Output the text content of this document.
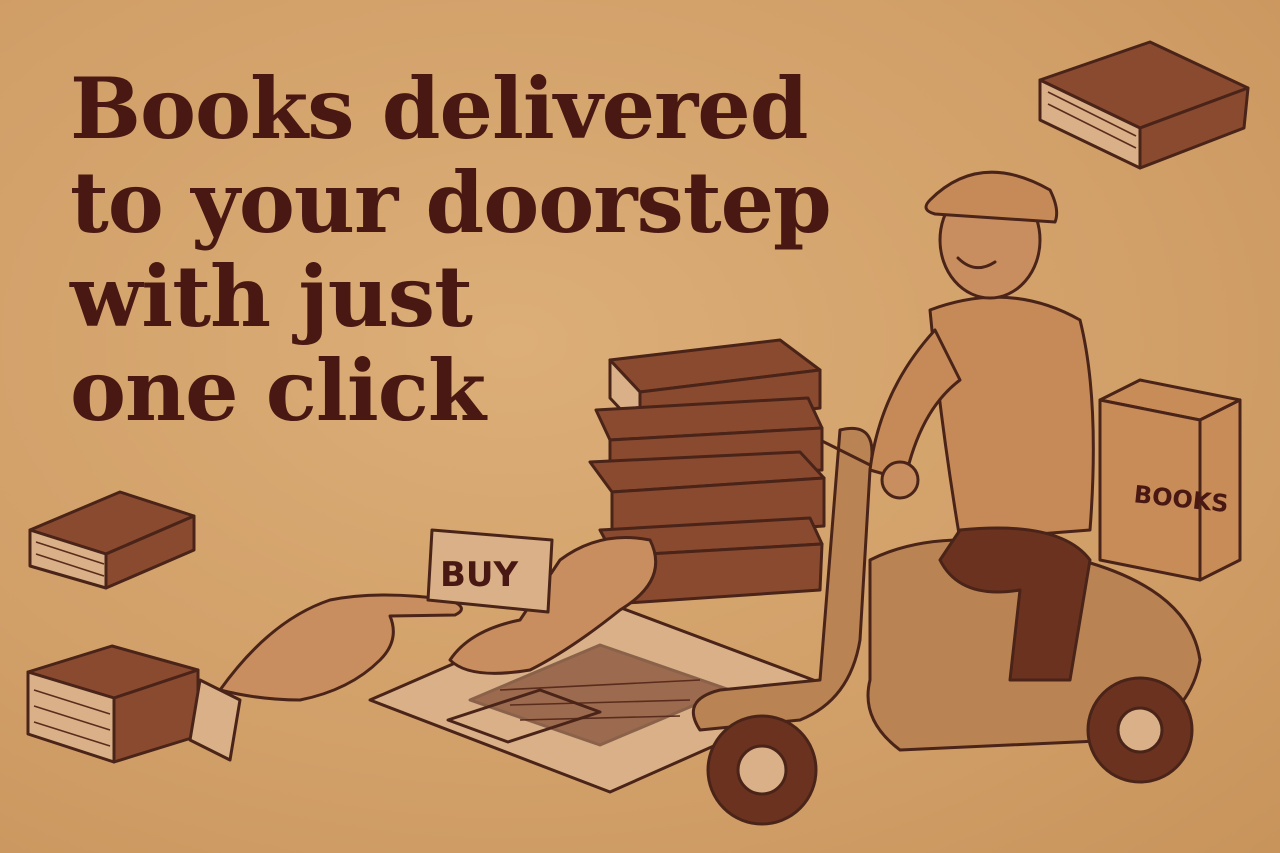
BUY
BOOKS
Books delivered
to your doorstep
with just
one click
